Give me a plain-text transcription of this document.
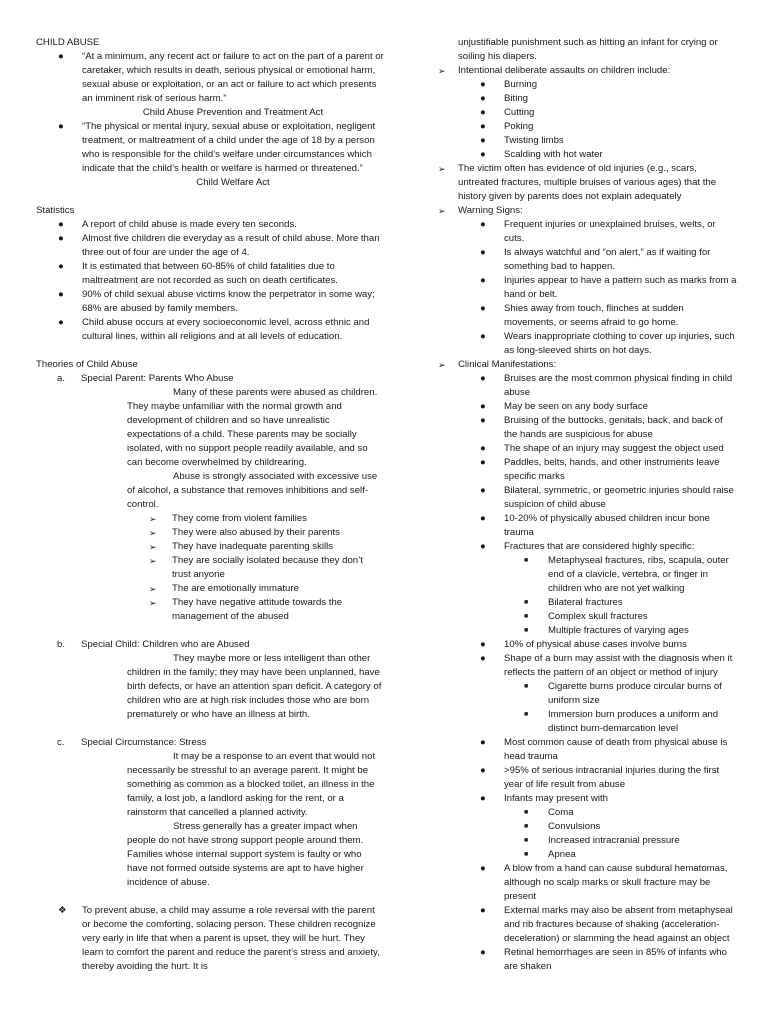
CHILD ABUSE

● “At a minimum, any recent act or failure to act on the part of a parent or caretaker, which results in death, serious physical or emotional harm, sexual abuse or exploitation, or an act or failure to act which presents an imminent risk of serious harm.”

Child Abuse Prevention and Treatment Act

● “The physical or mental injury, sexual abuse or exploitation, negligent treatment, or maltreatment of a child under the age of 18 by a person who is responsible for the child’s welfare under circumstances which indicate that the child’s health or welfare is harmed or threatened.”

Child Welfare Act

Statistics

● A report of child abuse is made every ten seconds.
● Almost five children die everyday as a result of child abuse. More than three out of four are under the age of 4.
● It is estimated that between 60-85% of child fatalities due to maltreatment are not recorded as such on death certificates.
● 90% of child sexual abuse victims know the perpetrator in some way; 68% are abused by family members.
● Child abuse occurs at every socioeconomic level, across ethnic and cultural lines, within all religions and at all levels of education.

Theories of Child Abuse

a. Special Parent: Parents Who Abuse

Many of these parents were abused as children. They maybe unfamiliar with the normal growth and development of children and so have unrealistic expectations of a child. These parents may be socially isolated, with no support people readily available, and so can become overwhelmed by childrearing.

Abuse is strongly associated with excessive use of alcohol, a substance that removes inhibitions and self-control.

➢ They come from violent families
➢ They were also abused by their parents
➢ They have inadequate parenting skills
➢ They are socially isolated because they don’t trust anyone
➢ The are emotionally immature
➢ They have negative attitude towards the management of the abused
b. Special Child: Children who are Abused

They maybe more or less intelligent than other children in the family; they may have been unplanned, have birth defects, or have an attention span deficit. A category of children who are at high risk includes those who are born prematurely or who have an illness at birth.

c. Special Circumstance: Stress

It may be a response to an event that would not necessarily be stressful to an average parent. It might be something as common as a blocked toilet, an illness in the family, a lost job, a landlord asking for the rent, or a rainstorm that cancelled a planned activity.

Stress generally has a greater impact when people do not have strong support people around them. Families whose internal support system is faulty or who have not formed outside systems are apt to have higher incidence of abuse.

❖ To prevent abuse, a child may assume a role reversal with the parent or become the comforting, solacing person. These children recognize very early in life that when a parent is upset, they will be hurt. They learn to comfort the parent and reduce the parent’s stress and anxiety, thereby avoiding the hurt. It is

unjustifiable punishment such as hitting an infant for crying or soiling his diapers.

➢ Intentional deliberate assaults on children include:
● Burning
● Biting
● Cutting
● Poking
● Twisting limbs
● Scalding with hot water
➢ The victim often has evidence of old injuries (e.g., scars, untreated fractures, multiple bruises of various ages) that the history given by parents does not explain adequately
➢ Warning Signs:
● Frequent injuries or unexplained bruises, welts, or cuts.
● Is always watchful and “on alert,” as if waiting for something bad to happen.
● Injuries appear to have a pattern such as marks from a hand or belt.
● Shies away from touch, flinches at sudden movements, or seems afraid to go home.
● Wears inappropriate clothing to cover up injuries, such as long-sleeved shirts on hot days.
➢ Clinical Manifestations:
● Bruises are the most common physical finding in child abuse
● May be seen on any body surface
● Bruising of the buttocks, genitals, back, and back of the hands are suspicious for abuse
● The shape of an injury may suggest the object used
● Paddles, belts, hands, and other instruments leave specific marks
● Bilateral, symmetric, or geometric injuries should raise suspicion of child abuse
● 10-20% of physically abused children incur bone trauma
● Fractures that are considered highly specific:
■ Metaphyseal fractures, ribs, scapula, outer end of a clavicle, vertebra, or finger in children who are not yet walking
■ Bilateral fractures
■ Complex skull fractures
■ Multiple fractures of varying ages
● 10% of physical abuse cases involve burns
● Shape of a burn may assist with the diagnosis when it reflects the pattern of an object or method of injury
■ Cigarette burns produce circular burns of uniform size
■ Immersion burn produces a uniform and distinct burn-demarcation level
● Most common cause of death from physical abuse is head trauma
● >95% of serious intracranial injuries during the first year of life result from abuse
● Infants may present with
■ Coma
■ Convulsions
■ Increased intracranial pressure
■ Apnea
● A blow from a hand can cause subdural hematomas, although no scalp marks or skull fracture may be present
● External marks may also be absent from metaphyseal and rib fractures because of shaking (acceleration-deceleration) or slamming the head against an object
● Retinal hemorrhages are seen in 85% of infants who are shaken
